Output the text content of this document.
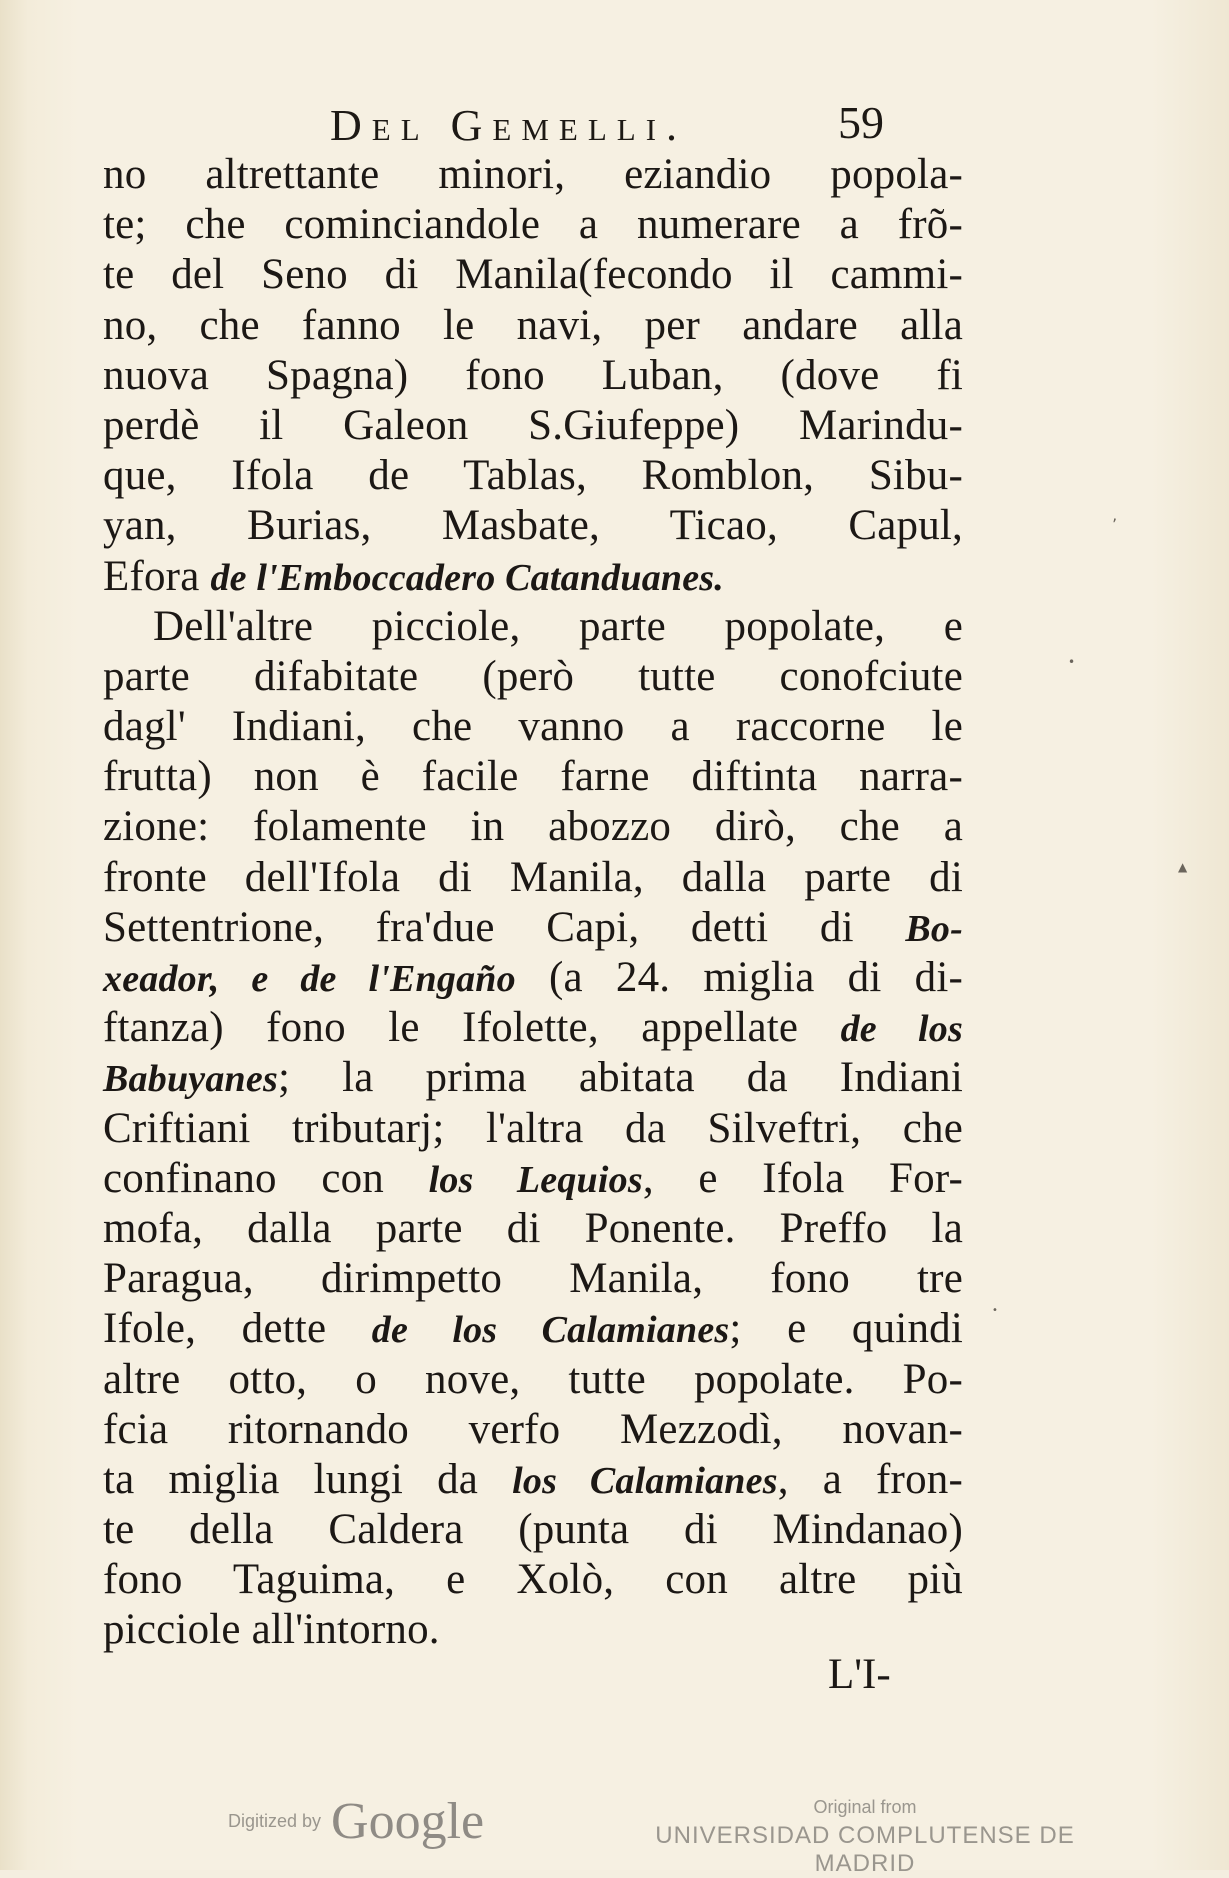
Del Gemelli.	59
no altrettante minori, eziandio popola-
te; che cominciandole a numerare a frõ-
te del Seno di Manila(fecondo il cammi-
no, che fanno le navi, per andare alla
nuova Spagna) fono Luban, (dove fi
perdè il Galeon S.Giufeppe) Marindu-
que, Ifola de Tablas, Romblon, Sibu-
yan, Burias, Masbate, Ticao, Capul,
Efora de l'Emboccadero Catanduanes.
Dell'altre picciole, parte popolate, e
parte difabitate (però tutte conofciute
dagl' Indiani, che vanno a raccorne le
frutta) non è facile farne diftinta narra-
zione: folamente in abozzo dirò, che a
fronte dell'Ifola di Manila, dalla parte di
Settentrione, fra'due Capi, detti di Bo-
xeador, e de l'Engaño (a 24. miglia di di-
ftanza) fono le Ifolette, appellate de los
Babuyanes; la prima abitata da Indiani
Criftiani tributarj; l'altra da Silveftri, che
confinano con los Lequios, e Ifola For-
mofa, dalla parte di Ponente. Preffo la
Paragua, dirimpetto Manila, fono tre
Ifole, dette de los Calamianes; e quindi
altre otto, o nove, tutte popolate. Po-
fcia ritornando verfo Mezzodì, novan-
ta miglia lungi da los Calamianes, a fron-
te della Caldera (punta di Mindanao)
fono Taguima, e Xolò, con altre più
picciole all'intorno.
L'I-
’
•
▲
•
Digitized by Google	Original from
UNIVERSIDAD COMPLUTENSE DE MADRID
